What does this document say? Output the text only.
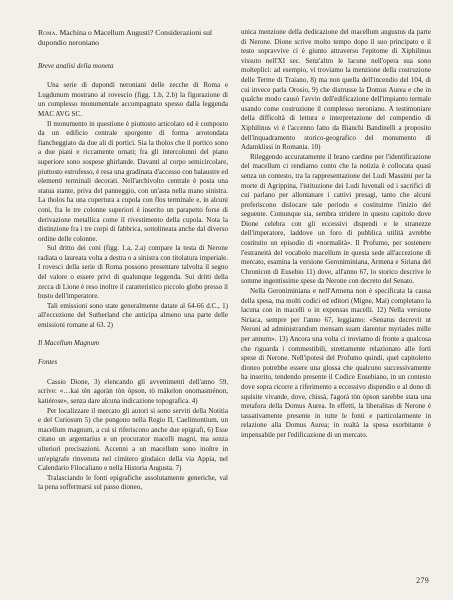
Roma. Machina o Macellum Augusti? Considerazioni sul dupondio neroniano
Breve analisi della moneta

Una serie di dupondi neroniani delle zecche di Roma e Lugdunum mostrano al rovescio (figg. 1.b, 2.b) la figurazione di un complesso monumentale accompagnato spesso dalla leggenda MAC AVG SC.

Il monumento in questione è piuttosto articolato ed è composto da un edificio centrale sporgente di forma arrotondata fiancheggiato da due ali di portici. Sia la tholos che il portico sono a due piani e riccamente ornati; fra gli intercolunni del piano superiore sono sospese ghirlande. Davanti al corpo semicircolare, piuttosto estrufesso, è resa una gradinata d'accesso con balaustre ed elementi terminali decorati. Nell'archivolto centrale è posta una statua stante, priva del panneggio, con un'asta nella mano sinistra. La tholos ha una copertura a cupola con flos terminale e, in alcuni coni, fra le tre colonne superiori è inserito un parapetto forse di derivazione metallica come il rivestimento della cupola. Nota la distinzione fra i tre corpi di fabbrica, sottolineata anche dal diverso ordine delle colonne.

Sul dritto dei coni (figg. 1.a, 2.a) compare la testa di Nerone radiata o laureata volta a destra o a sinistra con titolatura imperiale. I rovesci della serie di Roma possono presentare talvolta il segno del valore o essere privi di qualunque leggenda. Sui dritti della zecca di Lione è reso inoltre il caratteristico piccolo globo presso il busto dell'imperatore.

Tali emissioni sono state generalmente datate al 64-66 d.C., 1) all'eccezione del Sutherland che anticipa almeno una parte delle emissioni romane al 63. 2)

Il Macellum Magnum
Fontes

Cassio Dione, 3) elencando gli avvenimenti dell'anno 59, scrive: «…kai tèn agoràn tòn òpson, tò mákelon onomasménon, katiérose», senza dare alcuna indicazione topografica. 4)

Per localizzare il mercato gli autori si sono serviti della Notitia e del Curiosum 5) che pongono nella Regio II, Caelimontium, un macellum magnum, a cui si riferiscono anche due epigrafi, 6) Esse citano un argentarius e un procurator macelli magni, ma senza ulteriori precisazioni. Accenni a un macellum sono inoltre in un'epigrafe rinvenuta nel cimitero giudaico della via Appia, nel Calendario Filocaliano e nella Historia Augusta. 7)

Tralasciando le fonti epigrafiche assolutamente generiche, val la pena soffermarsi sul passo dioneo,

unica menzione della dedicazione del macellum augustus da parte di Nerone. Dione scrive molto tempo dopo il suo principato e il testo sopravvive ci è giunto attraverso l'epitome di Xiphilinus vissuto nell'XI sec. Senz'altro le lacune nell'opera sua sono molteplici: ad esempio, vi troviamo la menzione della costruzione delle Terme di Traiano, 8) ma non quella dell'incendio del 104, di cui invece parla Orosio, 9) che distrusse la Domus Aurea e che in qualche modo causò l'avvio dell'edificazione dell'impianto termale usando come costruzione il complesso neroniano. A testimoniare della difficoltà di lettura e interpretazione del compendio di Xiphilinus vi è l'accenno fatto da Bianchi Bandinelli a proposito dell'inquadramento storico-geografico del monumento di Adamklissi in Romania. 10)

Rileggendo accuratamente il brano cardine per l'identificazione del macellum ci rendiamo conto che la notizia è collocata quasi senza un contesto, tra la rappresentazione dei Ludi Massimi per la morte di Agrippina, l'istituzione dei Ludi Iuvenali ed i sacrifici di cui parlano per allontanare i cattivi presagi, tanto che alcuni preferiscono dislocare tale periodo e costituirne l'inizio del seguente. Comunque sia, sembra stridere in questo capitolo dove Dione celebra con gli eccessivi dispendi e le stranezze dell'imperatore, laddove un foro di pubblica utilità avrebbe costituito un episodio di «normalità». Il Profumo, per sostenere l'estraneità del vocabolo macellum in questa sede all'accezione di mercato, esamina la versione Geroniminiana, Armena e Siriana del Chronicon di Eusebio 11) dove, all'anno 67, lo storico descrive le somme ingentissime spese da Nerone con decreto del Senato.

Nella Geroniminiana e nell'Armena non è specificata la causa della spesa, ma molti codici ed editori (Migne, Mai) completano la lacuna con in macelli o in expensas macelli. 12) Nella versione Siriaca, sempre per l'anno 67, leggiamo: «Senatus decrevit ut Neroni ad administrandum mensam suam darentur myriades mille per annum». 13) Ancora una volta ci troviamo di fronte a qualcosa che riguarda i commestibili, strettamente relazionato alle forti spese di Nerone. Nell'ipotesi del Profumo quindi, quel capitoletto dioneo potrebbe essere una glossa che qualcuno successivamente ha inserito, tendendo presente il Codice Eusebiano, in un contesto dove sopra ricorre a riferimento a eccessivo dispendio e al dono di squisite vivande, dove, chissà, l'agorà tòn òpson sarebbe stata una metafora della Domus Aurea. In effetti, la liberalitas di Nerone è tassativamente presente in tutte le fonti e particolarmente in relazione alla Domus Aurea; in realtà la spesa esorbitante è impensabile per l'edificazione di un mercato.

279
